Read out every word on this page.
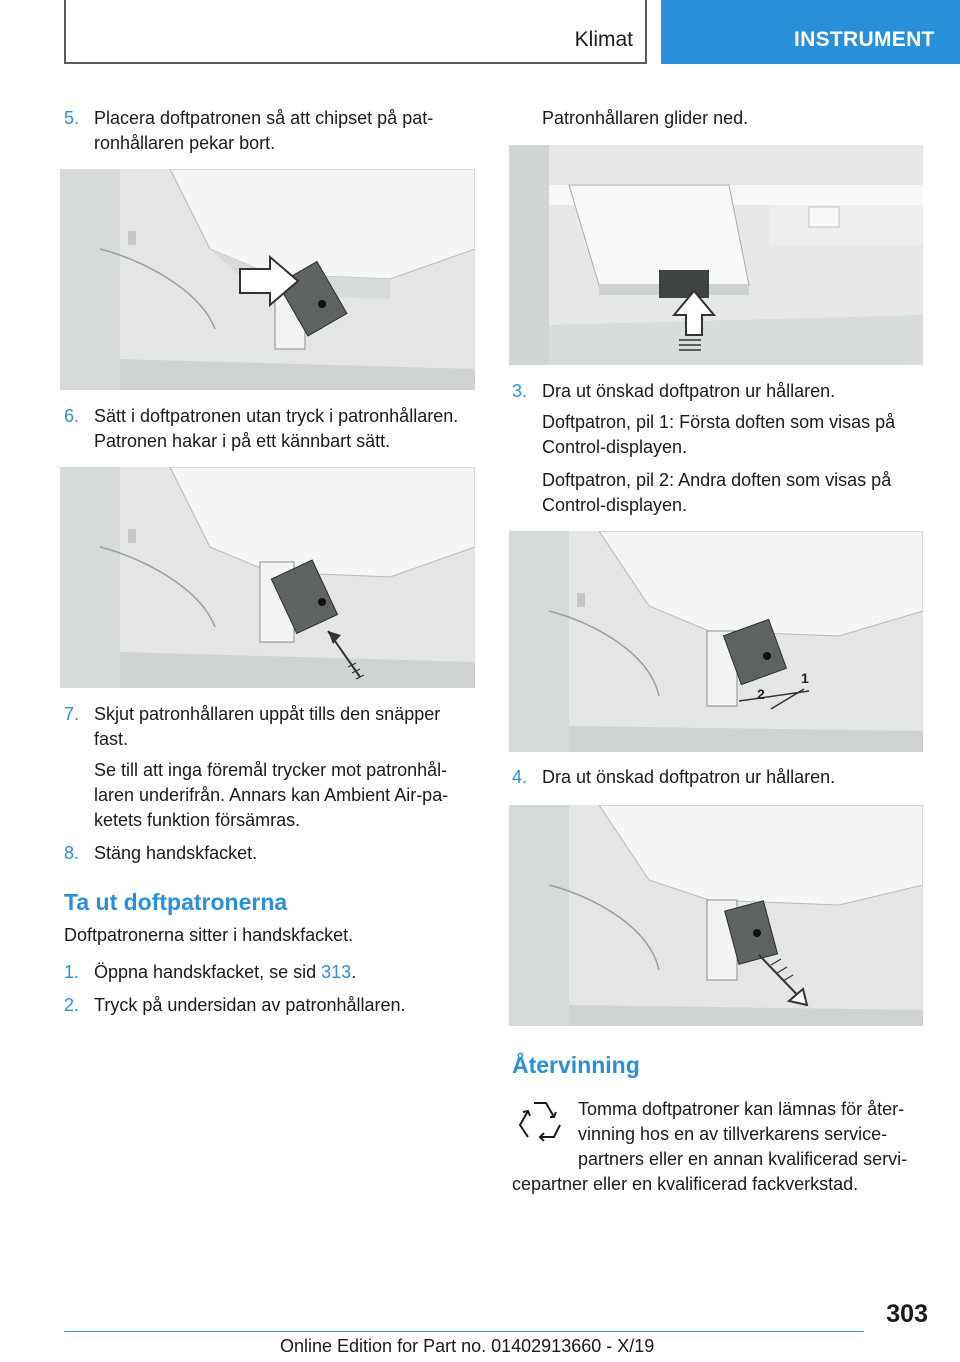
Klimat	INSTRUMENT
5. Placera doftpatronen så att chipset på pat-
ronhållaren pekar bort.
6. Sätt i doftpatronen utan tryck i patronhållaren.
Patronen hakar i på ett kännbart sätt.
7. Skjut patronhållaren uppåt tills den snäpper
fast.
Se till att inga föremål trycker mot patronhål-
laren underifrån. Annars kan Ambient Air-pa-
ketets funktion försämras.
8. Stäng handskfacket.
Ta ut doftpatronerna
Doftpatronerna sitter i handskfacket.
1. Öppna handskfacket, se sid 313.
2. Tryck på undersidan av patronhållaren.
Patronhållaren glider ned.
3. Dra ut önskad doftpatron ur hållaren.
Doftpatron, pil 1: Första doften som visas på
Control-displayen.
Doftpatron, pil 2: Andra doften som visas på
Control-displayen.
2
1
4. Dra ut önskad doftpatron ur hållaren.
Återvinning
Tomma doftpatroner kan lämnas för åter-
vinning hos en av tillverkarens service-
partners eller en annan kvalificerad servi-
cepartner eller en kvalificerad fackverkstad.
303
Online Edition for Part no. 01402913660 - X/19
